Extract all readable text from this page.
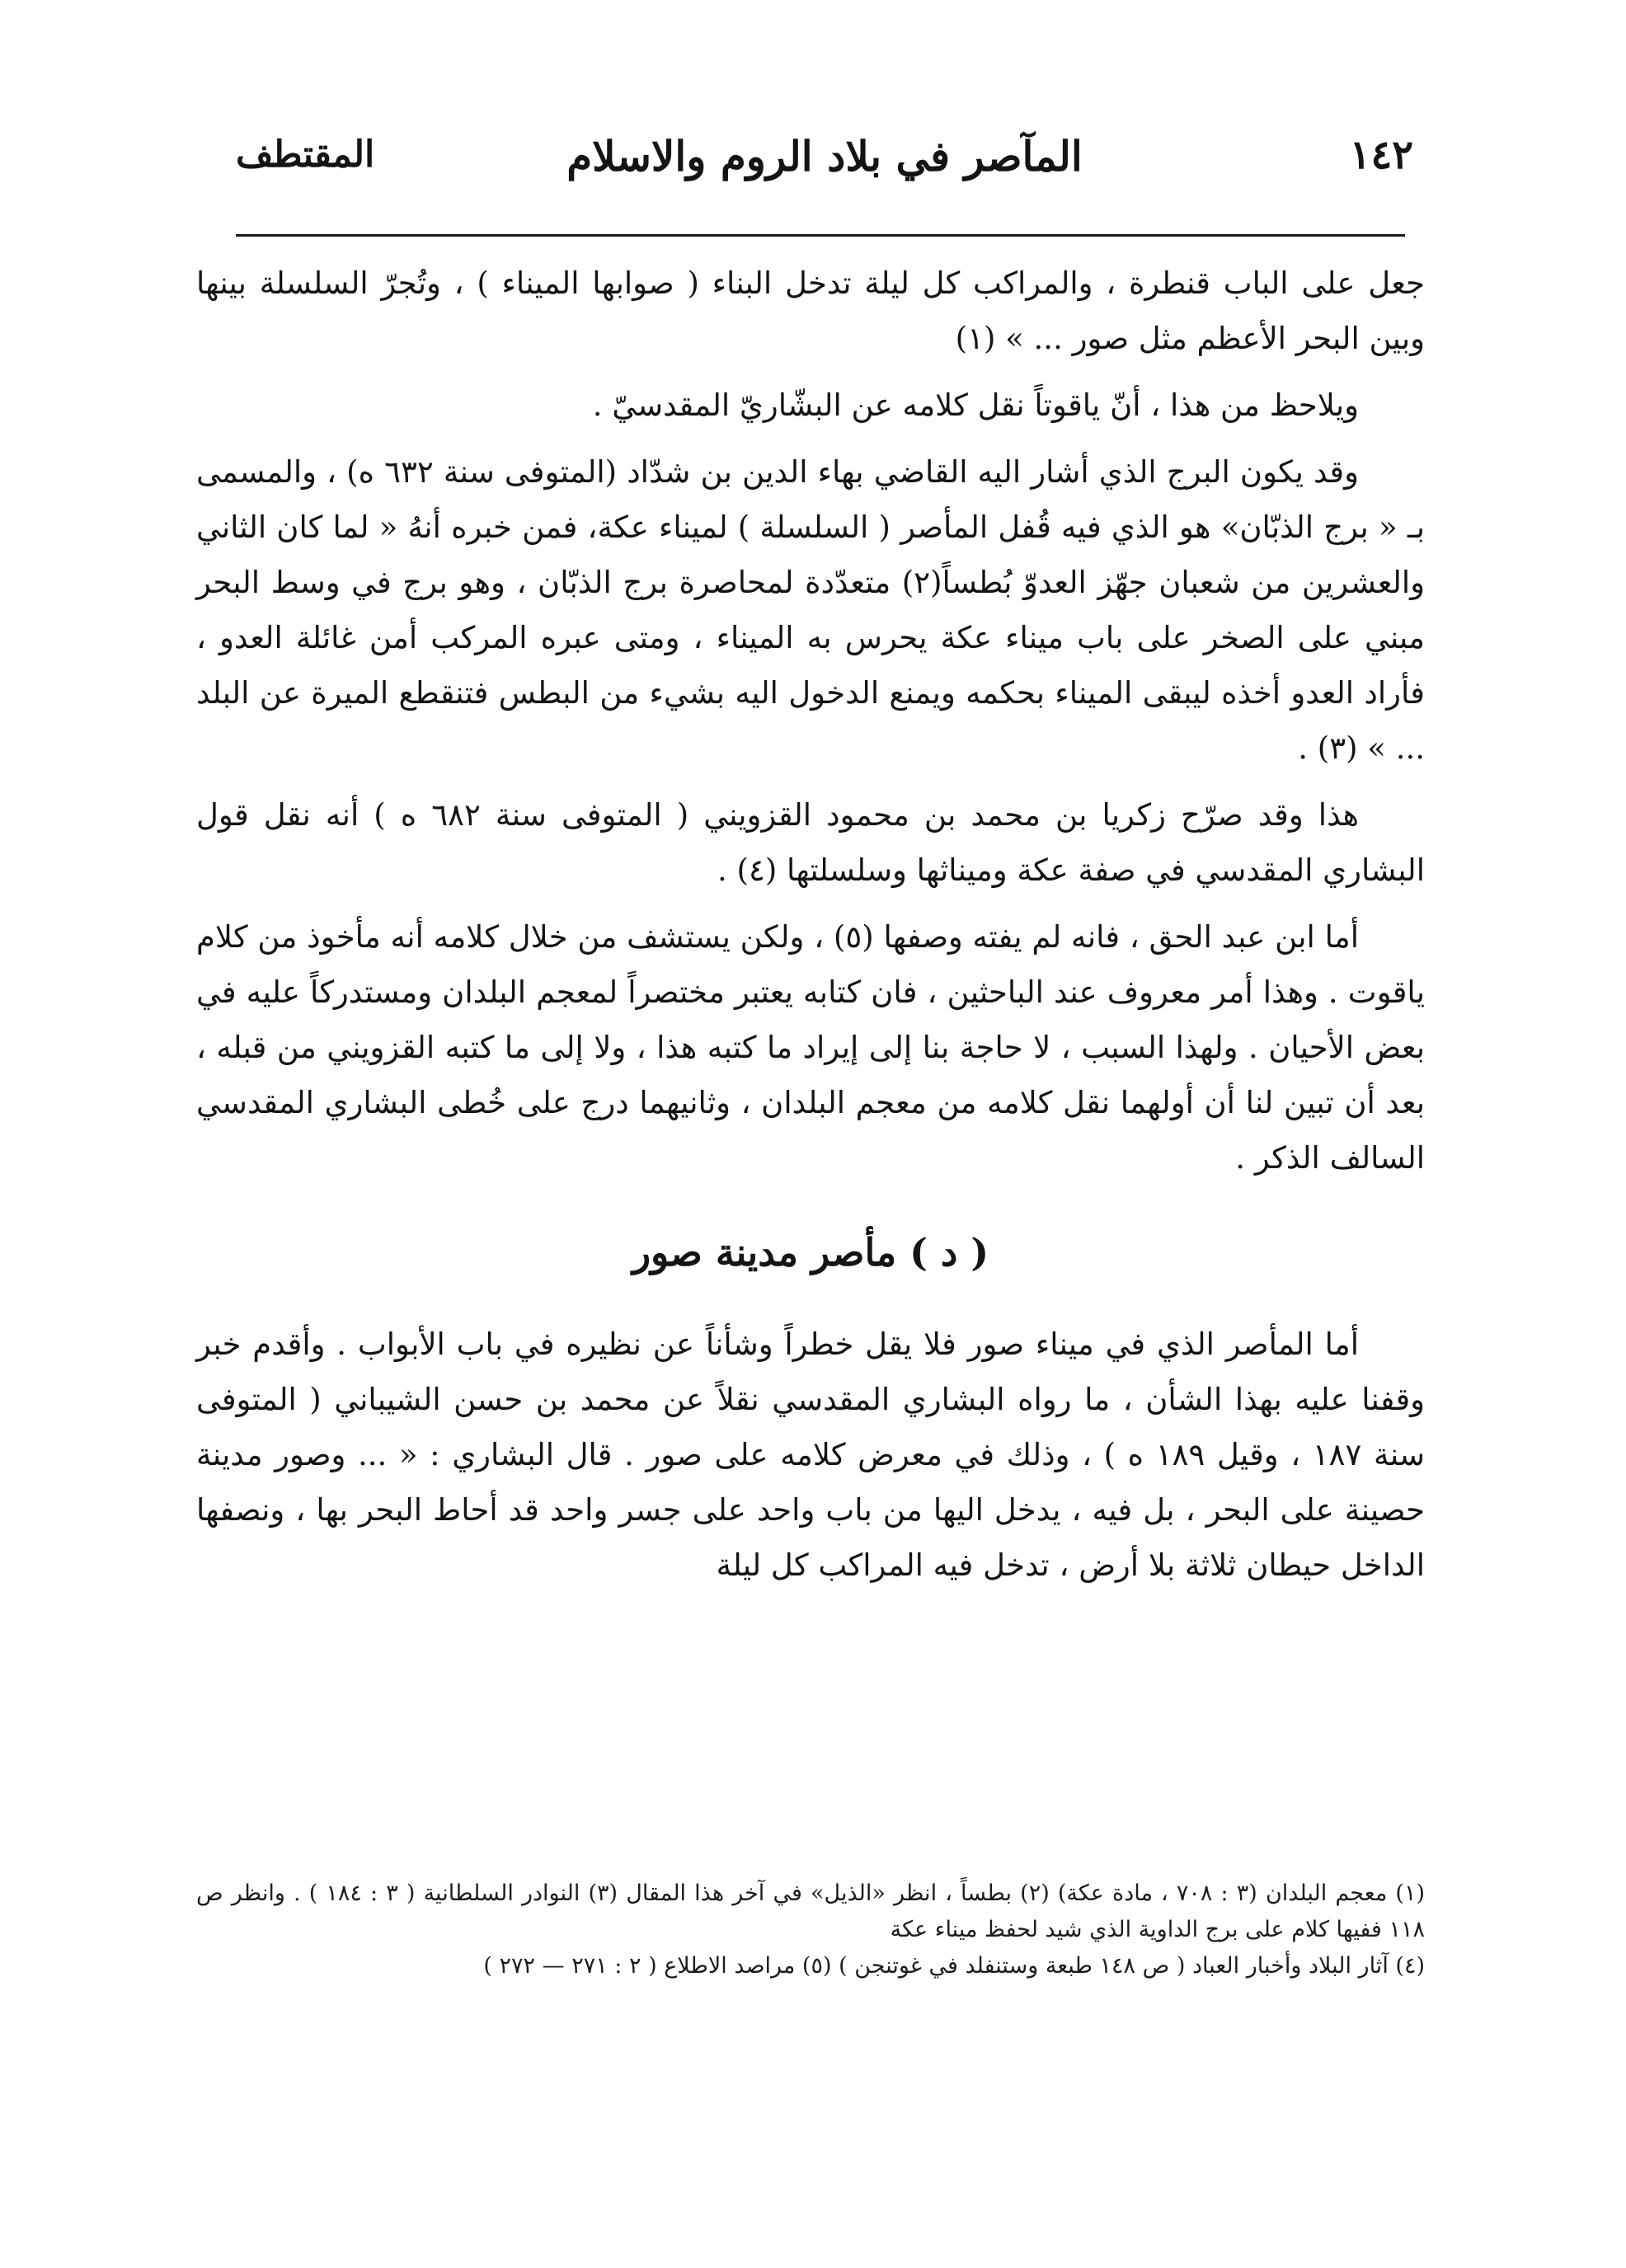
١٤٢
المآصر في بلاد الروم والاسلام
المقتطف

جعل على الباب قنطرة ، والمراكب كل ليلة تدخل البناء ( صوابها الميناء ) ، وتُجرّ السلسلة بينها وبين البحر الأعظم مثل صور ... » (١)

ويلاحظ من هذا ، أنّ ياقوتاً نقل كلامه عن البشّاريّ المقدسيّ .

وقد يكون البرج الذي أشار اليه القاضي بهاء الدين بن شدّاد (المتوفى سنة ٦٣٢ ه) ، والمسمى بـ « برج الذبّان» هو الذي فيه قُفل المأصر ( السلسلة ) لميناء عكة، فمن خبره أنهُ « لما كان الثاني والعشرين من شعبان جهّز العدوّ بُطساً(٢) متعدّدة لمحاصرة برج الذبّان ، وهو برج في وسط البحر مبني على الصخر على باب ميناء عكة يحرس به الميناء ، ومتى عبره المركب أمن غائلة العدو ، فأراد العدو أخذه ليبقى الميناء بحكمه ويمنع الدخول اليه بشيء من البطس فتنقطع الميرة عن البلد ... » (٣) .

هذا وقد صرّح زكريا بن محمد بن محمود القزويني ( المتوفى سنة ٦٨٢ ه ) أنه نقل قول البشاري المقدسي في صفة عكة وميناثها وسلسلتها (٤) .

أما ابن عبد الحق ، فانه لم يفته وصفها (٥) ، ولكن يستشف من خلال كلامه أنه مأخوذ من كلام ياقوت . وهذا أمر معروف عند الباحثين ، فان كتابه يعتبر مختصراً لمعجم البلدان ومستدركاً عليه في بعض الأحيان . ولهذا السبب ، لا حاجة بنا إلى إيراد ما كتبه هذا ، ولا إلى ما كتبه القزويني من قبله ، بعد أن تبين لنا أن أولهما نقل كلامه من معجم البلدان ، وثانيهما درج على خُطى البشاري المقدسي السالف الذكر .

( د ) مأصر مدينة صور

أما المأصر الذي في ميناء صور فلا يقل خطراً وشأناً عن نظيره في باب الأبواب . وأقدم خبر وقفنا عليه بهذا الشأن ، ما رواه البشاري المقدسي نقلاً عن محمد بن حسن الشيباني ( المتوفى سنة ١٨٧ ، وقيل ١٨٩ ه ) ، وذلك في معرض كلامه على صور . قال البشاري : « ... وصور مدينة حصينة على البحر ، بل فيه ، يدخل اليها من باب واحد على جسر واحد قد أحاط البحر بها ، ونصفها الداخل حيطان ثلاثة بلا أرض ، تدخل فيه المراكب كل ليلة

(١) معجم البلدان (٣ : ٧٠٨ ، مادة عكة) (٢) بطساً ، انظر «الذيل» في آخر هذا المقال (٣) النوادر السلطانية ( ٣ : ١٨٤ ) . وانظر ص ١١٨ ففيها كلام على برج الداوية الذي شيد لحفظ ميناء عكة

(٤) آثار البلاد وأخبار العباد ( ص ١٤٨ طبعة وستنفلد في غوتنجن ) (٥) مراصد الاطلاع ( ٢ : ٢٧١ — ٢٧٢ )
